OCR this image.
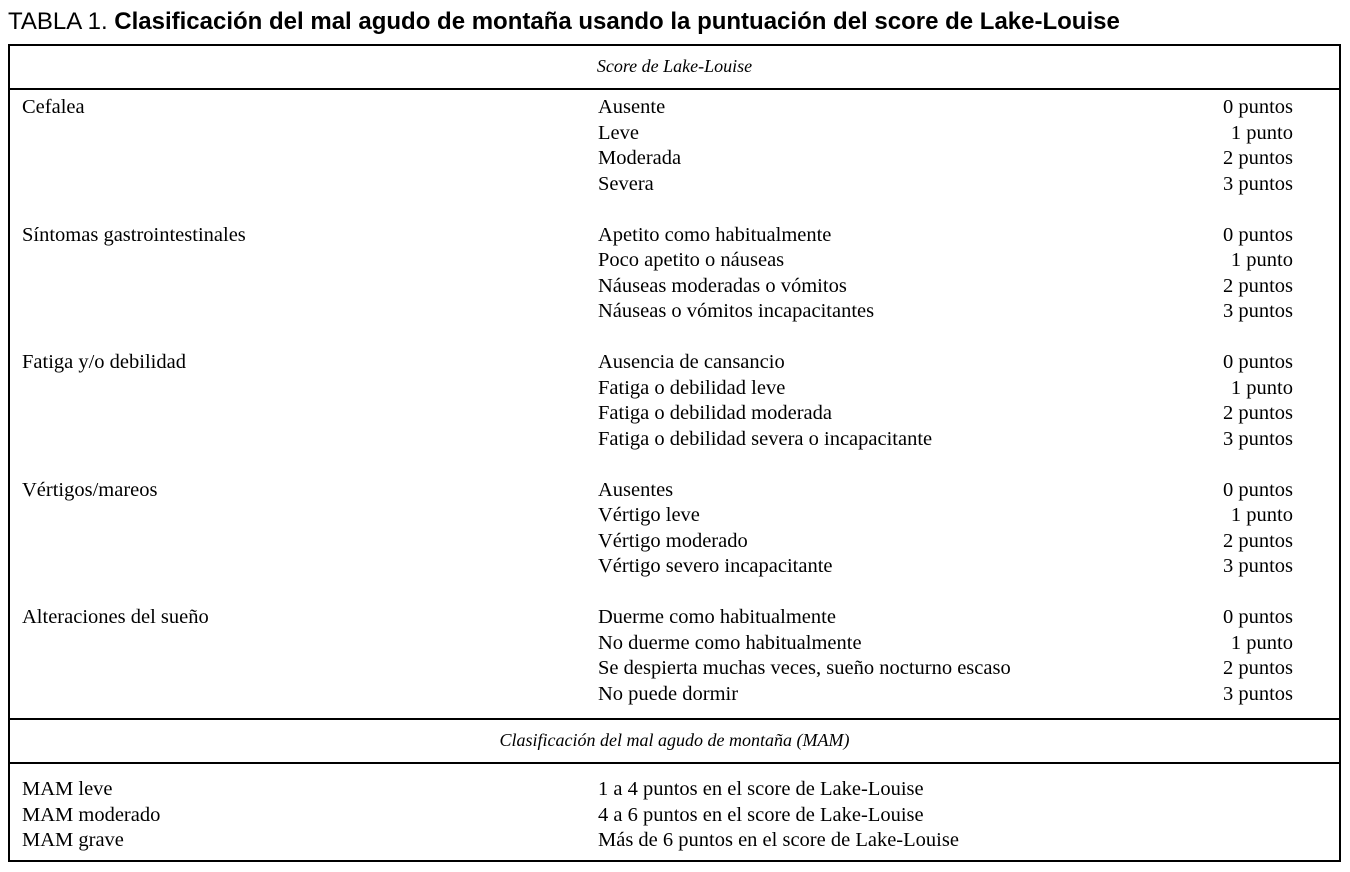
TABLA 1. Clasificación del mal agudo de montaña usando la puntuación del score de Lake-Louise
Score de Lake-Louise
Cefalea	Ausente	0 puntos
Leve	1 punto
Moderada	2 puntos
Severa	3 puntos
Síntomas gastrointestinales	Apetito como habitualmente	0 puntos
Poco apetito o náuseas	1 punto
Náuseas moderadas o vómitos	2 puntos
Náuseas o vómitos incapacitantes	3 puntos
Fatiga y/o debilidad	Ausencia de cansancio	0 puntos
Fatiga o debilidad leve	1 punto
Fatiga o debilidad moderada	2 puntos
Fatiga o debilidad severa o incapacitante	3 puntos
Vértigos/mareos	Ausentes	0 puntos
Vértigo leve	1 punto
Vértigo moderado	2 puntos
Vértigo severo incapacitante	3 puntos
Alteraciones del sueño	Duerme como habitualmente	0 puntos
No duerme como habitualmente	1 punto
Se despierta muchas veces, sueño nocturno escaso	2 puntos
No puede dormir	3 puntos
Clasificación del mal agudo de montaña (MAM)
MAM leve	1 a 4 puntos en el score de Lake-Louise
MAM moderado	4 a 6 puntos en el score de Lake-Louise
MAM grave	Más de 6 puntos en el score de Lake-Louise
